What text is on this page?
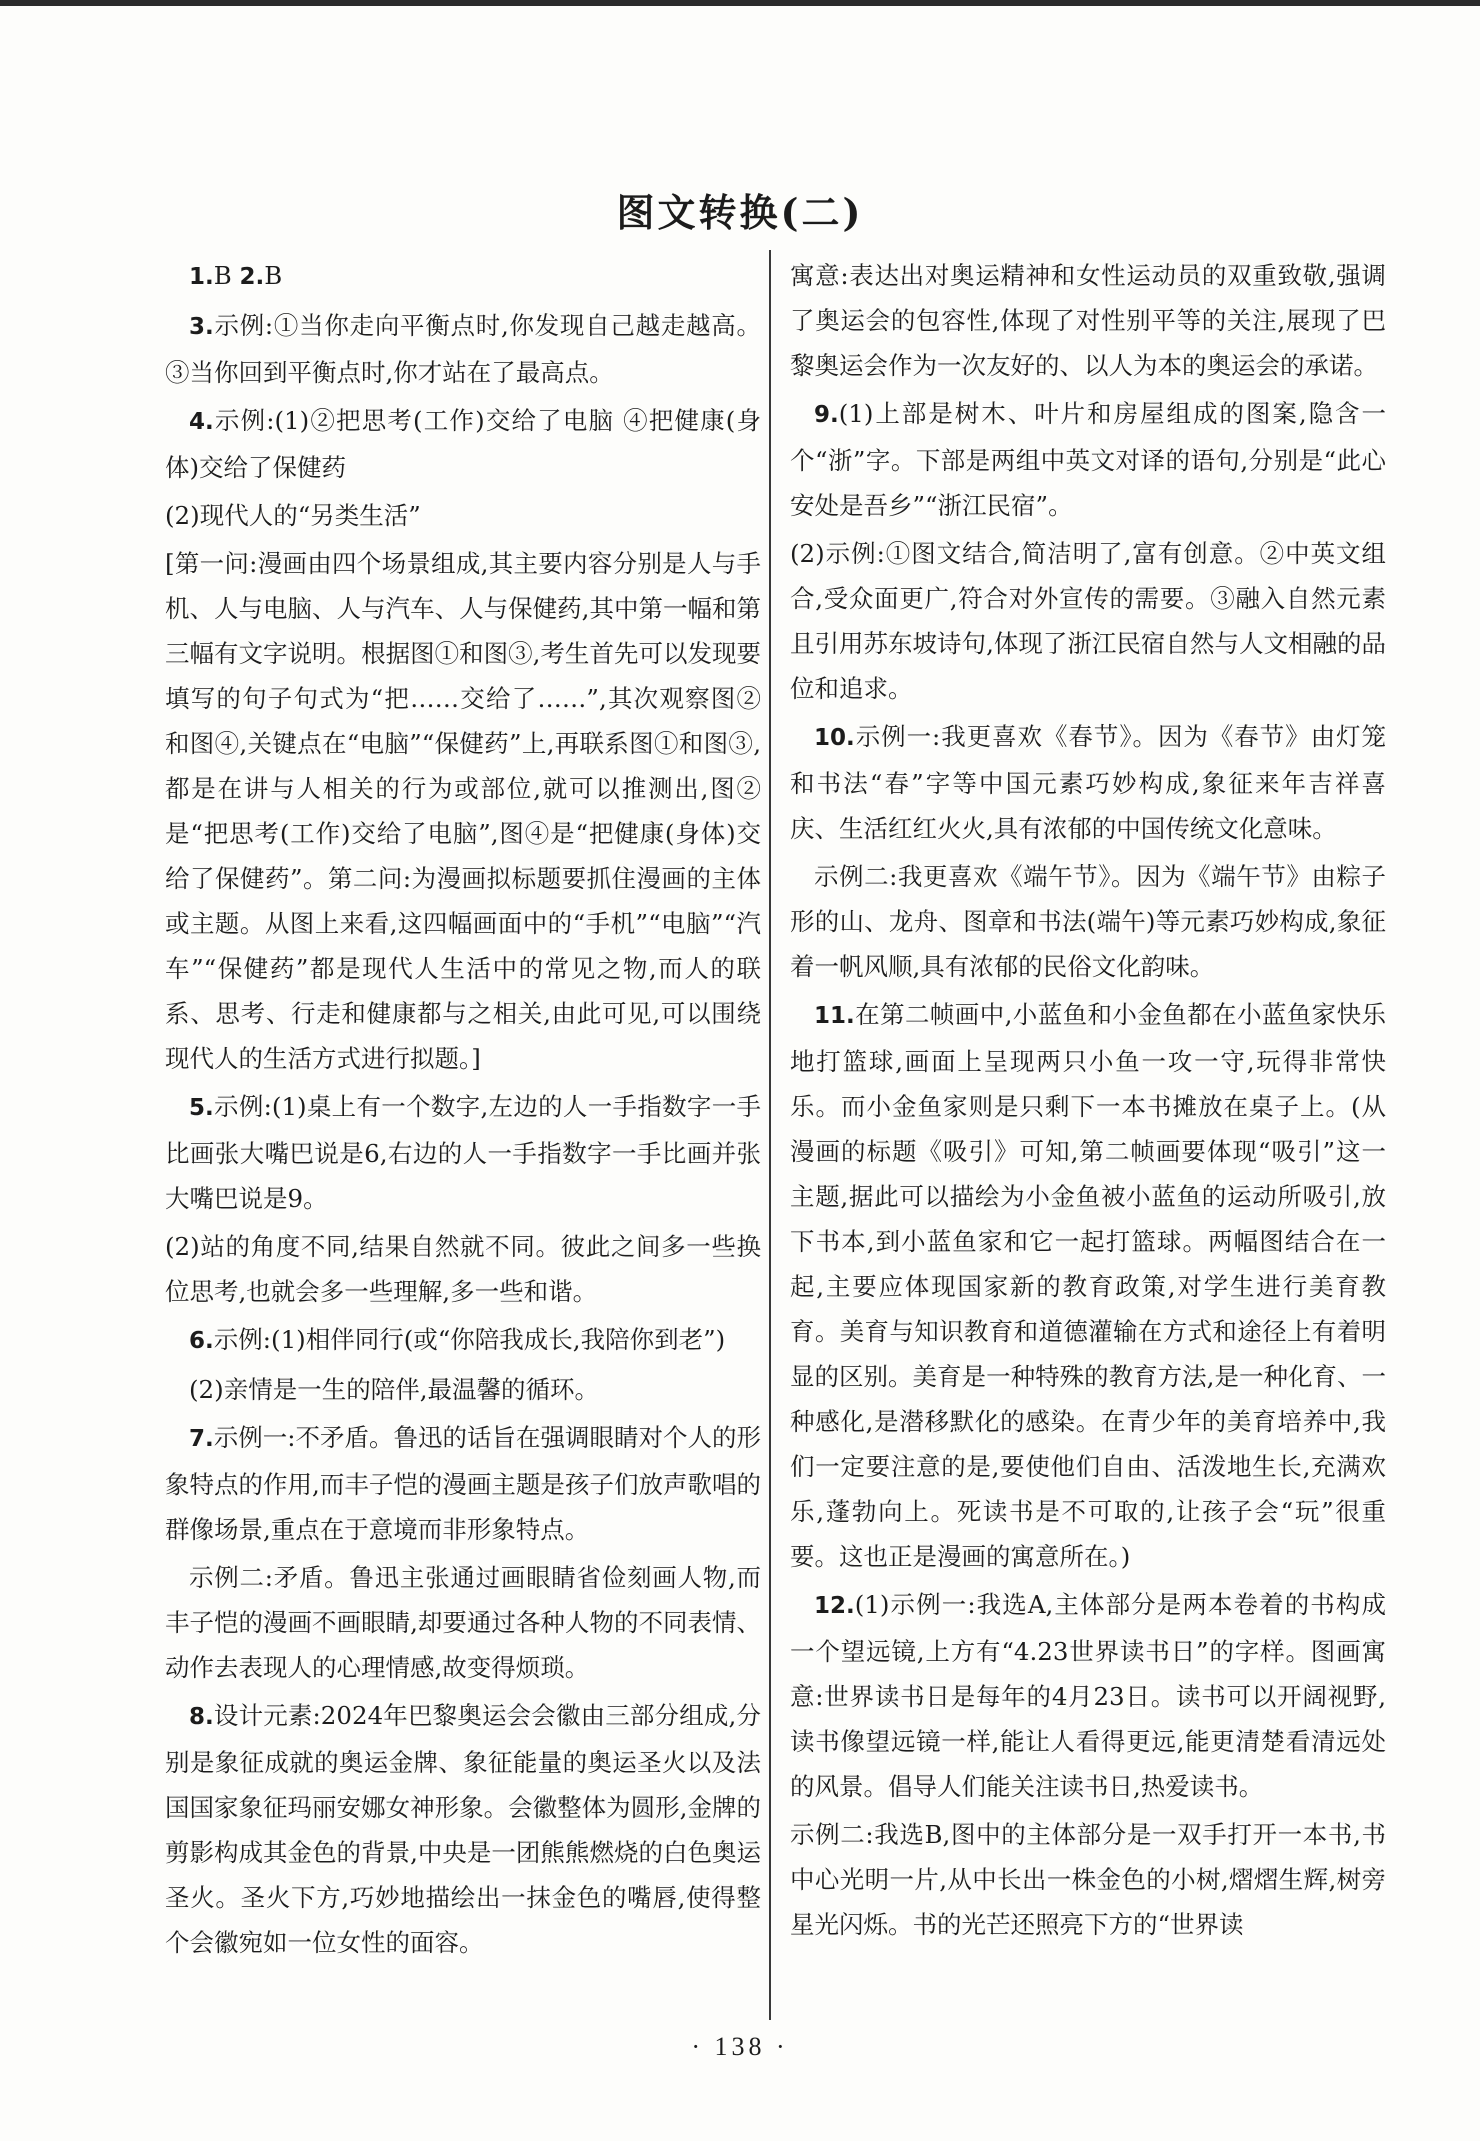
图文转换(二)

1.B 2.B

3.示例:①当你走向平衡点时,你发现自己越走越高。③当你回到平衡点时,你才站在了最高点。

4.示例:(1)②把思考(工作)交给了电脑 ④把健康(身体)交给了保健药

(2)现代人的“另类生活”

[第一问:漫画由四个场景组成,其主要内容分别是人与手机、人与电脑、人与汽车、人与保健药,其中第一幅和第三幅有文字说明。根据图①和图③,考生首先可以发现要填写的句子句式为“把……交给了……”,其次观察图②和图④,关键点在“电脑”“保健药”上,再联系图①和图③,都是在讲与人相关的行为或部位,就可以推测出,图②是“把思考(工作)交给了电脑”,图④是“把健康(身体)交给了保健药”。第二问:为漫画拟标题要抓住漫画的主体或主题。从图上来看,这四幅画面中的“手机”“电脑”“汽车”“保健药”都是现代人生活中的常见之物,而人的联系、思考、行走和健康都与之相关,由此可见,可以围绕现代人的生活方式进行拟题。]

5.示例:(1)桌上有一个数字,左边的人一手指数字一手比画张大嘴巴说是6,右边的人一手指数字一手比画并张大嘴巴说是9。

(2)站的角度不同,结果自然就不同。彼此之间多一些换位思考,也就会多一些理解,多一些和谐。

6.示例:(1)相伴同行(或“你陪我成长,我陪你到老”)

(2)亲情是一生的陪伴,最温馨的循环。

7.示例一:不矛盾。鲁迅的话旨在强调眼睛对个人的形象特点的作用,而丰子恺的漫画主题是孩子们放声歌唱的群像场景,重点在于意境而非形象特点。

示例二:矛盾。鲁迅主张通过画眼睛省俭刻画人物,而丰子恺的漫画不画眼睛,却要通过各种人物的不同表情、动作去表现人的心理情感,故变得烦琐。

8.设计元素:2024年巴黎奥运会会徽由三部分组成,分别是象征成就的奥运金牌、象征能量的奥运圣火以及法国国家象征玛丽安娜女神形象。会徽整体为圆形,金牌的剪影构成其金色的背景,中央是一团熊熊燃烧的白色奥运圣火。圣火下方,巧妙地描绘出一抹金色的嘴唇,使得整个会徽宛如一位女性的面容。

寓意:表达出对奥运精神和女性运动员的双重致敬,强调了奥运会的包容性,体现了对性别平等的关注,展现了巴黎奥运会作为一次友好的、以人为本的奥运会的承诺。

9.(1)上部是树木、叶片和房屋组成的图案,隐含一个“浙”字。下部是两组中英文对译的语句,分别是“此心安处是吾乡”“浙江民宿”。

(2)示例:①图文结合,简洁明了,富有创意。②中英文组合,受众面更广,符合对外宣传的需要。③融入自然元素且引用苏东坡诗句,体现了浙江民宿自然与人文相融的品位和追求。

10.示例一:我更喜欢《春节》。因为《春节》由灯笼和书法“春”字等中国元素巧妙构成,象征来年吉祥喜庆、生活红红火火,具有浓郁的中国传统文化意味。

示例二:我更喜欢《端午节》。因为《端午节》由粽子形的山、龙舟、图章和书法(端午)等元素巧妙构成,象征着一帆风顺,具有浓郁的民俗文化韵味。

11.在第二帧画中,小蓝鱼和小金鱼都在小蓝鱼家快乐地打篮球,画面上呈现两只小鱼一攻一守,玩得非常快乐。而小金鱼家则是只剩下一本书摊放在桌子上。(从漫画的标题《吸引》可知,第二帧画要体现“吸引”这一主题,据此可以描绘为小金鱼被小蓝鱼的运动所吸引,放下书本,到小蓝鱼家和它一起打篮球。两幅图结合在一起,主要应体现国家新的教育政策,对学生进行美育教育。美育与知识教育和道德灌输在方式和途径上有着明显的区别。美育是一种特殊的教育方法,是一种化育、一种感化,是潜移默化的感染。在青少年的美育培养中,我们一定要注意的是,要使他们自由、活泼地生长,充满欢乐,蓬勃向上。死读书是不可取的,让孩子会“玩”很重要。这也正是漫画的寓意所在。)

12.(1)示例一:我选A,主体部分是两本卷着的书构成一个望远镜,上方有“4.23世界读书日”的字样。图画寓意:世界读书日是每年的4月23日。读书可以开阔视野,读书像望远镜一样,能让人看得更远,能更清楚看清远处的风景。倡导人们能关注读书日,热爱读书。

示例二:我选B,图中的主体部分是一双手打开一本书,书中心光明一片,从中长出一株金色的小树,熠熠生辉,树旁星光闪烁。书的光芒还照亮下方的“世界读

· 138 ·
